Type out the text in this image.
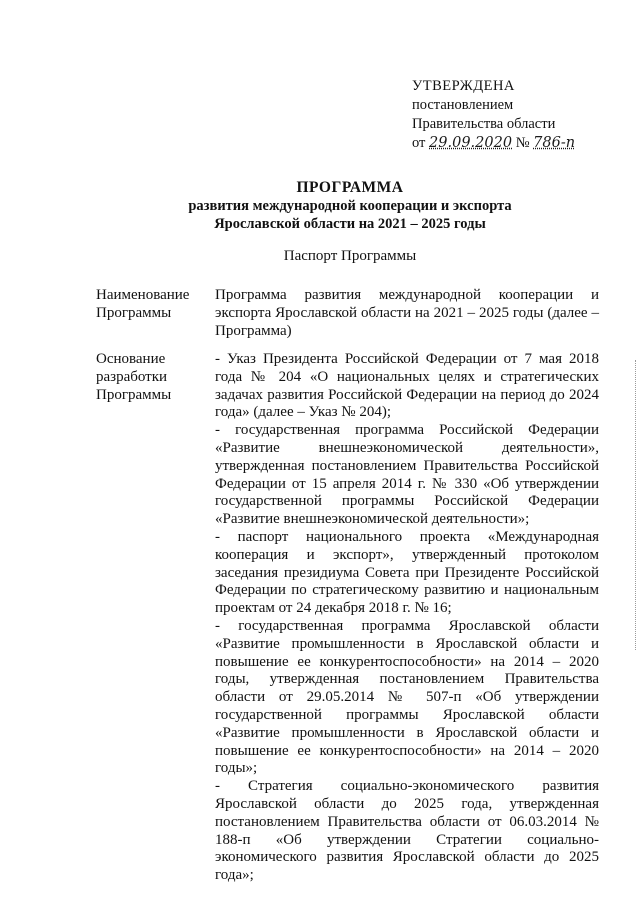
УТВЕРЖДЕНА
постановлением
Правительства области
от 29.09.2020 № 786-п
ПРОГРАММА
развития международной кооперации и экспорта
Ярославской области на 2021 – 2025 годы
Паспорт Программы
Наименование Программы

Программа развития международной кооперации и экспорта Ярославской области на 2021 – 2025 годы (далее – Программа)

Основание разработки Программы

- Указ Президента Российской Федерации от 7 мая 2018 года № 204 «О национальных целях и стратегических задачах развития Российской Федерации на период до 2024 года» (далее – Указ № 204);

- государственная программа Российской Федерации «Развитие внешнеэкономической деятельности», утвержденная постановлением Правительства Российской Федерации от 15 апреля 2014 г. № 330 «Об утверждении государственной программы Российской Федерации «Развитие внешнеэкономической деятельности»;

- паспорт национального проекта «Международная кооперация и экспорт», утвержденный протоколом заседания президиума Совета при Президенте Российской Федерации по стратегическому развитию и национальным проектам от 24 декабря 2018 г. № 16;

- государственная программа Ярославской области «Развитие промышленности в Ярославской области и повышение ее конкурентоспособности» на 2014 – 2020 годы, утвержденная постановлением Правительства области от 29.05.2014 № 507-п «Об утверждении государственной программы Ярославской области «Развитие промышленности в Ярославской области и повышение ее конкурентоспособности» на 2014 – 2020 годы»;

- Стратегия социально-экономического развития Ярославской области до 2025 года, утвержденная постановлением Правительства области от 06.03.2014 № 188-п «Об утверждении Стратегии социально-экономического развития Ярославской области до 2025 года»;
